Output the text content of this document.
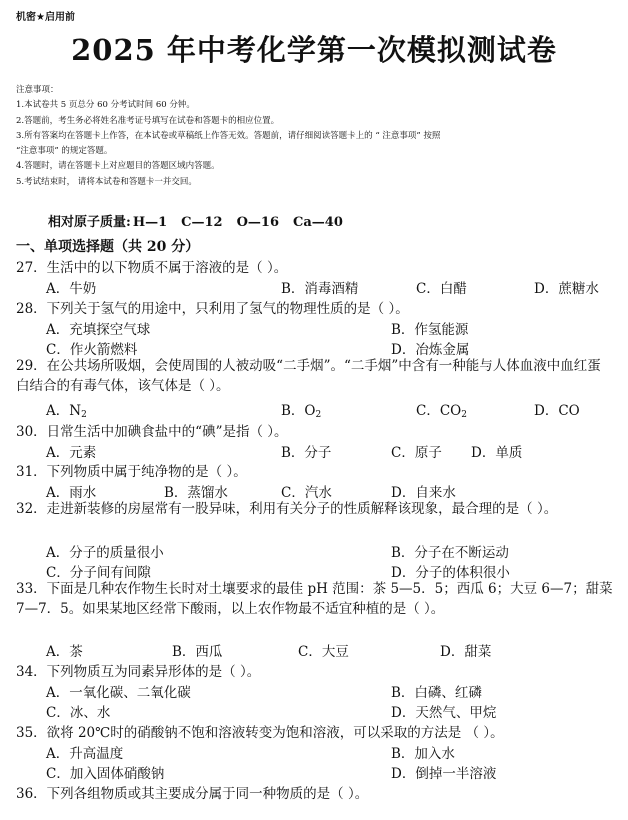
机密★启用前
2025 年中考化学第一次模拟测试卷
注意事项：
1.本试卷共 5 页总分 60 分考试时间 60 分钟。
2.答题前，考生务必将姓名准考证号填写在试卷和答题卡的相应位置。
3.所有答案均在答题卡上作答，在本试卷或草稿纸上作答无效。答题前，请仔细阅读答题卡上的 “ 注意事项” 按照
“注意事项” 的规定答题。
4.答题时，请在答题卡上对应题目的答题区域内答题。
5.考试结束时， 请将本试卷和答题卡一并交回。
相对原子质量: H—1 C—12 O—16 Ca—40
一、单项选择题（共 20 分）
27．生活中的以下物质不属于溶液的是（ ）。
A．牛奶	B．消毒酒精	C．白醋	D．蔗糖水
28．下列关于氢气的用途中，只利用了氢气的物理性质的是（ ）。
A．充填探空气球	B．作氢能源
C．作火箭燃料	D．冶炼金属
29．在公共场所吸烟，会使周围的人被动吸“二手烟”。“二手烟”中含有一种能与人体血液中血红蛋白结合的有毒气体，该气体是（ ）。
A．$N_2$	B．$O_2$	C．$CO_2$	D．CO
30．日常生活中加碘食盐中的“碘”是指（ ）。
A．元素	B．分子	C．原子 D．单质
31．下列物质中属于纯净物的是（ ）。
A．雨水	B．蒸馏水	C．汽水	D．自来水
32．走进新装修的房屋常有一股异味，利用有关分子的性质解释该现象，最合理的是（ ）。
A．分子的质量很小	B．分子在不断运动
C．分子间有间隙	D．分子的体积很小
33．下面是几种农作物生长时对土壤要求的最佳 pH 范围：茶 5—5．5；西瓜 6；大豆 6—7；甜菜 7—7．5。如果某地区经常下酸雨，以上农作物最不适宜种植的是（ ）。
A．茶	B．西瓜	C．大豆	D．甜菜
34．下列物质互为同素异形体的是（ ）。
A．一氧化碳、二氧化碳	B．白磷、红磷
C．冰、水	D．天然气、甲烷
35．欲将 20℃时的硝酸钠不饱和溶液转变为饱和溶液，可以采取的方法是 （ ）。
A．升高温度	B．加入水
C．加入固体硝酸钠	D．倒掉一半溶液
36．下列各组物质或其主要成分属于同一种物质的是（ ）。
